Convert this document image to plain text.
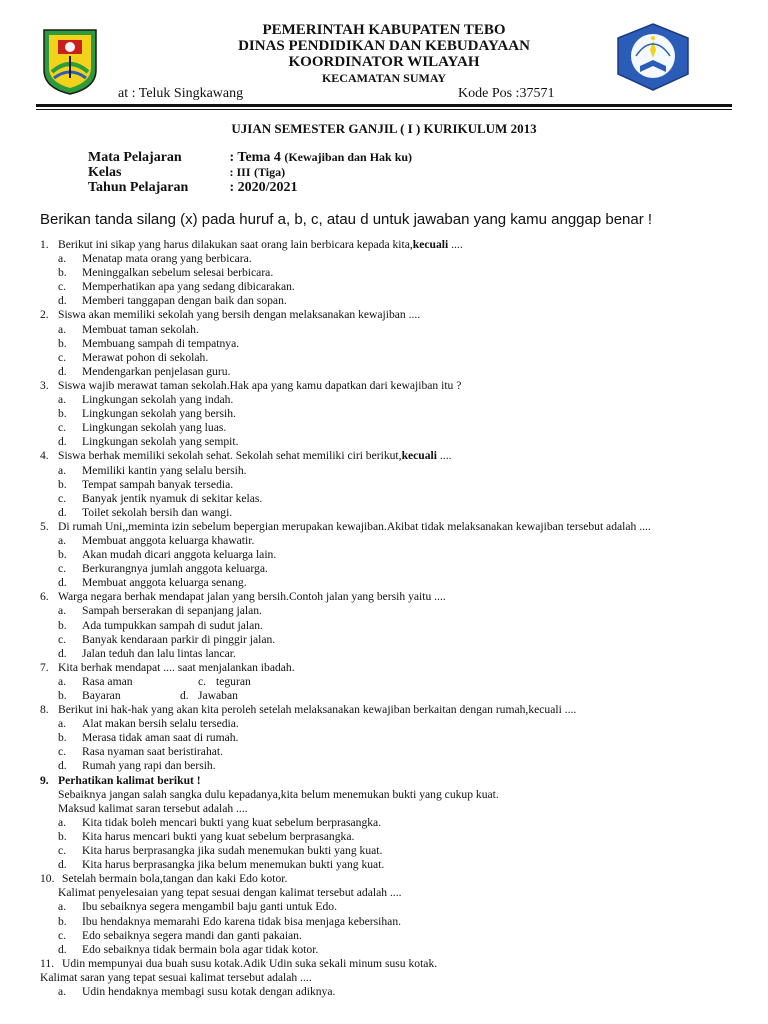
PEMERINTAH KABUPATEN TEBO
DINAS PENDIDIKAN DAN KEBUDAYAAN
KOORDINATOR WILAYAH
KECAMATAN SUMAY
at : Teluk Singkawang	Kode Pos :37571
UJIAN SEMESTER GANJIL ( I ) KURIKULUM 2013
Mata Pelajaran	: Tema 4 (Kewajiban dan Hak ku)
Kelas	: III (Tiga)
Tahun Pelajaran	: 2020/2021
Berikan tanda silang (x) pada huruf a, b, c, atau d untuk jawaban yang kamu anggap benar !
1. Berikut ini sikap yang harus dilakukan saat orang lain berbicara kepada kita,kecuali ....
a. Menatap mata orang yang berbicara.
b. Meninggalkan sebelum selesai berbicara.
c. Memperhatikan apa yang sedang dibicarakan.
d. Memberi tanggapan dengan baik dan sopan.
2. Siswa akan memiliki sekolah yang bersih dengan melaksanakan kewajiban ....
a. Membuat taman sekolah.
b. Membuang sampah di tempatnya.
c. Merawat pohon di sekolah.
d. Mendengarkan penjelasan guru.
3. Siswa wajib merawat taman sekolah.Hak apa yang kamu dapatkan dari kewajiban itu ?
a. Lingkungan sekolah yang indah.
b. Lingkungan sekolah yang bersih.
c. Lingkungan sekolah yang luas.
d. Lingkungan sekolah yang sempit.
4. Siswa berhak memiliki sekolah sehat. Sekolah sehat memiliki ciri berikut,kecuali ....
a. Memiliki kantin yang selalu bersih.
b. Tempat sampah banyak tersedia.
c. Banyak jentik nyamuk di sekitar kelas.
d. Toilet sekolah bersih dan wangi.
5. Di rumah Uni,,meminta izin sebelum bepergian merupakan kewajiban.Akibat tidak melaksanakan kewajiban tersebut adalah ....
a. Membuat anggota keluarga khawatir.
b. Akan mudah dicari anggota keluarga lain.
c. Berkurangnya jumlah anggota keluarga.
d. Membuat anggota keluarga senang.
6. Warga negara berhak mendapat jalan yang bersih.Contoh jalan yang bersih yaitu ....
a. Sampah berserakan di sepanjang jalan.
b. Ada tumpukkan sampah di sudut jalan.
c. Banyak kendaraan parkir di pinggir jalan.
d. Jalan teduh dan lalu lintas lancar.
7. Kita berhak mendapat .... saat menjalankan ibadah.
a. Rasa aman	c. teguran
b. Bayaran	d. Jawaban
8. Berikut ini hak-hak yang akan kita peroleh setelah melaksanakan kewajiban berkaitan dengan rumah,kecuali ....
a. Alat makan bersih selalu tersedia.
b. Merasa tidak aman saat di rumah.
c. Rasa nyaman saat beristirahat.
d. Rumah yang rapi dan bersih.
9. Perhatikan kalimat berikut !
Sebaiknya jangan salah sangka dulu kepadanya,kita belum menemukan bukti yang cukup kuat.
Maksud kalimat saran tersebut adalah ....
a. Kita tidak boleh mencari bukti yang kuat sebelum berprasangka.
b. Kita harus mencari bukti yang kuat sebelum berprasangka.
c. Kita harus berprasangka jika sudah menemukan bukti yang kuat.
d. Kita harus berprasangka jika belum menemukan bukti yang kuat.
10. Setelah bermain bola,tangan dan kaki Edo kotor.
Kalimat penyelesaian yang tepat sesuai dengan kalimat tersebut adalah ....
a. Ibu sebaiknya segera mengambil baju ganti untuk Edo.
b. Ibu hendaknya memarahi Edo karena tidak bisa menjaga kebersihan.
c. Edo sebaiknya segera mandi dan ganti pakaian.
d. Edo sebaiknya tidak bermain bola agar tidak kotor.
11. Udin mempunyai dua buah susu kotak.Adik Udin suka sekali minum susu kotak.
Kalimat saran yang tepat sesuai kalimat tersebut adalah ....
a. Udin hendaknya membagi susu kotak dengan adiknya.
